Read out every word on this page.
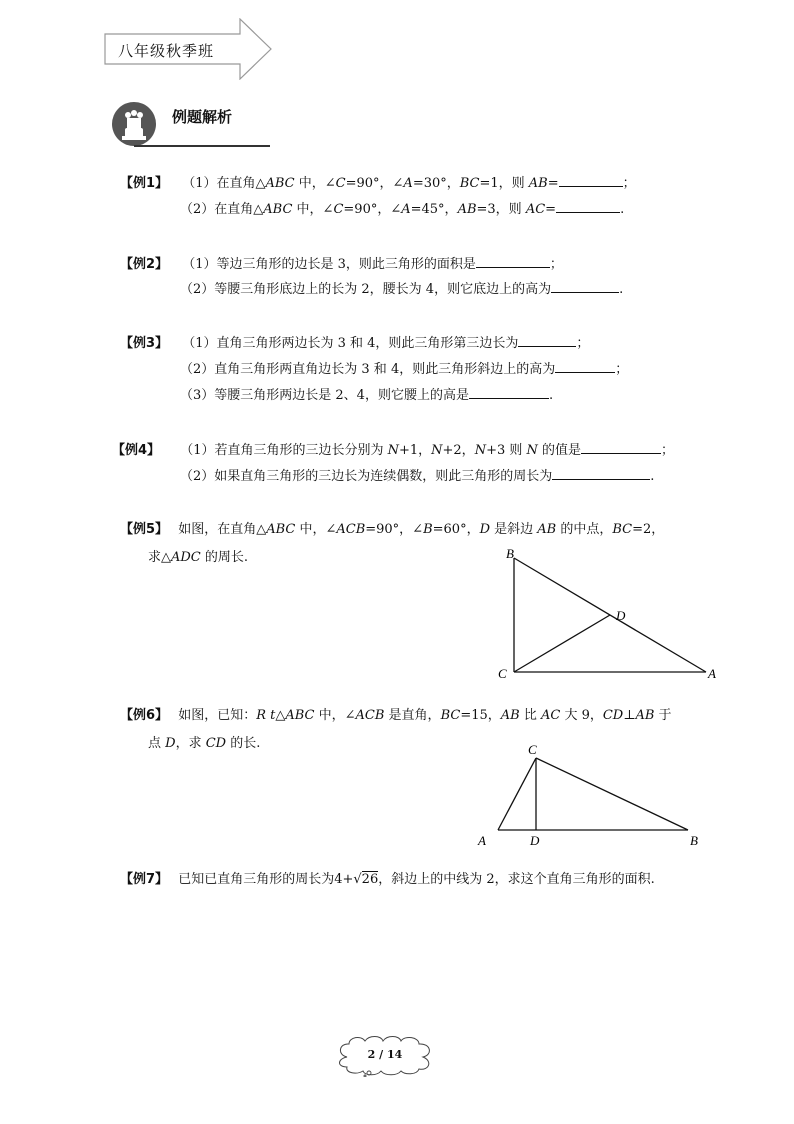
八年级秋季班
例题解析
【例1】 （1）在直角△ABC 中，∠C=90°，∠A=30°，BC=1，则 AB=	；
（2）在直角△ABC 中，∠C=90°，∠A=45°，AB=3，则 AC=	.
【例2】 （1）等边三角形的边长是 3，则此三角形的面积是	；
（2）等腰三角形底边上的长为 2，腰长为 4，则它底边上的高为	.
【例3】 （1）直角三角形两边长为 3 和 4，则此三角形第三边长为	；
（2）直角三角形两直角边长为 3 和 4，则此三角形斜边上的高为	；
（3）等腰三角形两边长是 2、4，则它腰上的高是	.
【例4】 （1）若直角三角形的三边长分别为 N+1，N+2，N+3 则 N 的值是	；
（2）如果直角三角形的三边长为连续偶数，则此三角形的周长为	.
【例5】 如图，在直角△ABC 中，∠ACB=90°，∠B=60°，D 是斜边 AB 的中点，BC=2，
求△ADC 的周长.	B
D
C	A
【例6】 如图，已知：R t△ABC 中，∠ACB 是直角，BC=15，AB 比 AC 大 9，CD⊥AB 于
点 D，求 CD 的长.	C
A	D	B
【例7】 已知已直角三角形的周长为4+√26，斜边上的中线为 2，求这个直角三角形的面积.
2 / 14
